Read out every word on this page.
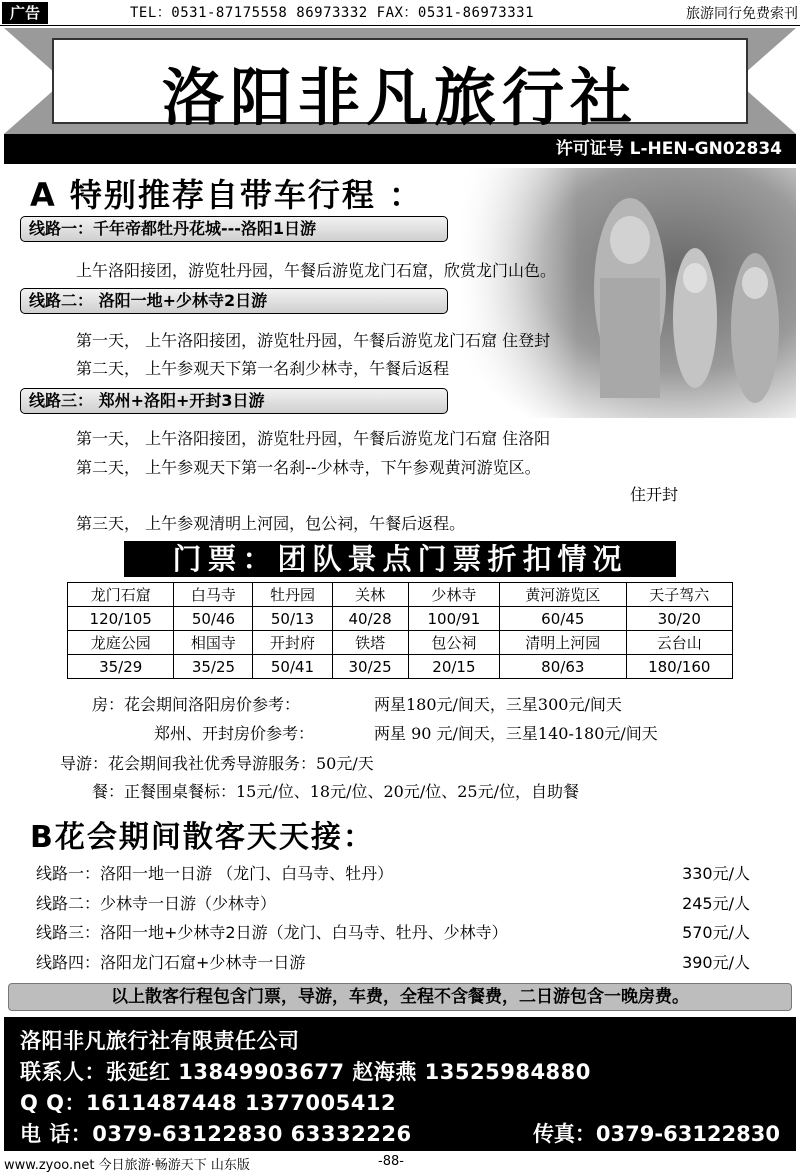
广告	TEL：0531-87175558 86973332 FAX：0531-86973331	旅游同行免费索刊
洛阳非凡旅行社
许可证号 L-HEN-GN02834
A 特别推荐自带车行程 ：
线路一：千年帝都牡丹花城---洛阳1日游
上午洛阳接团，游览牡丹园，午餐后游览龙门石窟，欣赏龙门山色。
线路二： 洛阳一地+少林寺2日游
第一天， 上午洛阳接团，游览牡丹园，午餐后游览龙门石窟 住登封
第二天， 上午参观天下第一名刹少林寺，午餐后返程
线路三： 郑州+洛阳+开封3日游
第一天， 上午洛阳接团，游览牡丹园，午餐后游览龙门石窟 住洛阳
第二天， 上午参观天下第一名刹--少林寺，下午参观黄河游览区。
住开封
第三天， 上午参观清明上河园，包公祠，午餐后返程。
门票：团队景点门票折扣情况
龙门石窟	白马寺	牡丹园	关林	少林寺	黄河游览区	天子驾六
120/105	50/46	50/13	40/28	100/91	60/45	30/20
龙庭公园	相国寺	开封府	铁塔	包公祠	清明上河园	云台山
35/29	35/25	50/41	30/25	20/15	80/63	180/160
房：花会期间洛阳房价参考：	两星180元/间天，三星300元/间天
郑州、开封房价参考：	两星 90 元/间天，三星140-180元/间天
导游：花会期间我社优秀导游服务：50元/天
餐：正餐围桌餐标：15元/位、18元/位、20元/位、25元/位，自助餐
B花会期间散客天天接：
线路一：洛阳一地一日游 （龙门、白马寺、牡丹）	330元/人
线路二：少林寺一日游（少林寺）	245元/人
线路三：洛阳一地+少林寺2日游（龙门、白马寺、牡丹、少林寺）	570元/人
线路四：洛阳龙门石窟+少林寺一日游	390元/人
以上散客行程包含门票，导游，车费，全程不含餐费，二日游包含一晚房费。
洛阳非凡旅行社有限责任公司
联系人：张延红 13849903677 赵海燕 13525984880
Q Q：1611487448 1377005412
电 话：0379-63122830 63332226	传真：0379-63122830
www.zyoo.net 今日旅游·畅游天下 山东版	-88-
